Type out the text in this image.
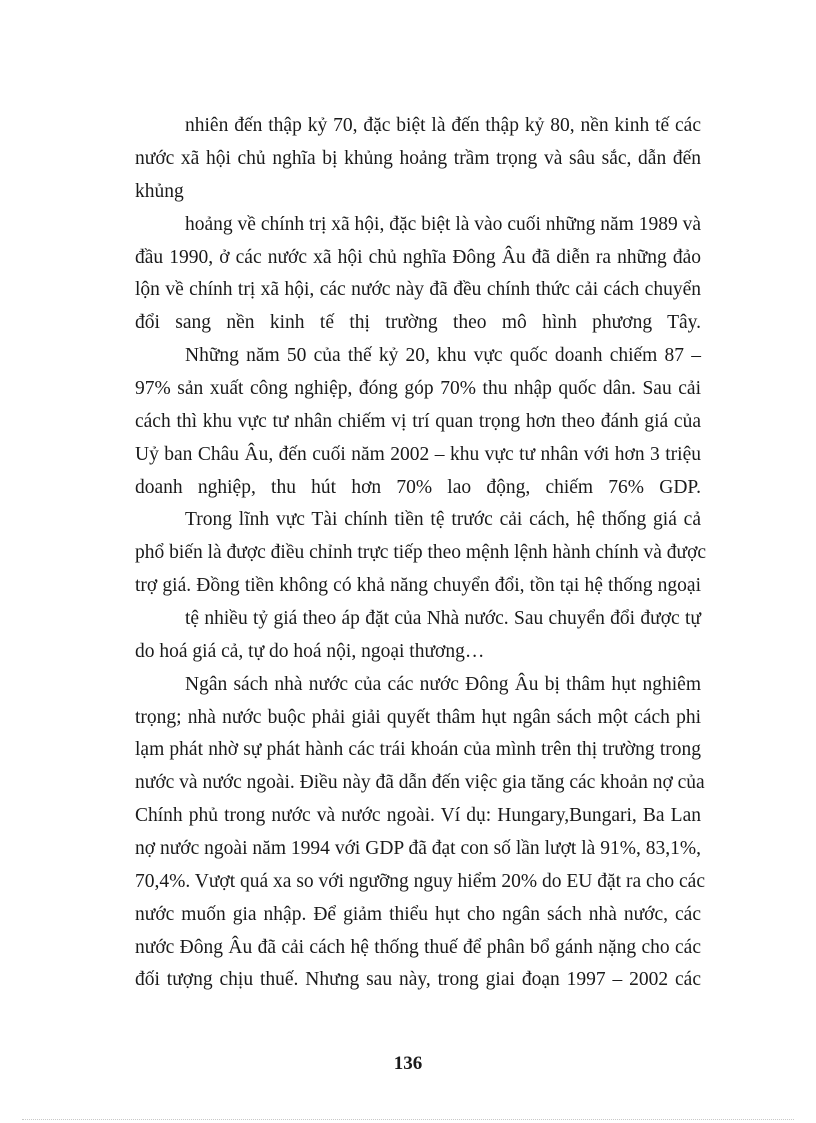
nhiên đến thập kỷ 70, đặc biệt là đến thập kỷ 80, nền kinh tế các
nước xã hội chủ nghĩa bị khủng hoảng trầm trọng và sâu sắc, dẫn đến
khủng
hoảng về chính trị xã hội, đặc biệt là vào cuối những năm 1989 và
đầu 1990, ở các nước xã hội chủ nghĩa Đông Âu đã diễn ra những đảo
lộn về chính trị xã hội, các nước này đã đều chính thức cải cách chuyển
đổi sang nền kinh tế thị trường theo mô hình phương Tây.
Những năm 50 của thế kỷ 20, khu vực quốc doanh chiếm 87 –
97% sản xuất công nghiệp, đóng góp 70% thu nhập quốc dân. Sau cải
cách thì khu vực tư nhân chiếm vị trí quan trọng hơn theo đánh giá của
Uỷ ban Châu Âu, đến cuối năm 2002 – khu vực tư nhân với hơn 3 triệu
doanh nghiệp, thu hút hơn 70% lao động, chiếm 76% GDP.
Trong lĩnh vực Tài chính tiền tệ trước cải cách, hệ thống giá cả
phổ biến là được điều chỉnh trực tiếp theo mệnh lệnh hành chính và được
trợ giá. Đồng tiền không có khả năng chuyển đổi, tồn tại hệ thống ngoại
tệ nhiều tỷ giá theo áp đặt của Nhà nước. Sau chuyển đổi được tự
do hoá giá cả, tự do hoá nội, ngoại thương…
Ngân sách nhà nước của các nước Đông Âu bị thâm hụt nghiêm
trọng; nhà nước buộc phải giải quyết thâm hụt ngân sách một cách phi
lạm phát nhờ sự phát hành các trái khoán của mình trên thị trường trong
nước và nước ngoài. Điều này đã dẫn đến việc gia tăng các khoản nợ của
Chính phủ trong nước và nước ngoài. Ví dụ: Hungary,Bungari, Ba Lan
nợ nước ngoài năm 1994 với GDP đã đạt con số lần lượt là 91%, 83,1%,
70,4%. Vượt quá xa so với ngưỡng nguy hiểm 20% do EU đặt ra cho các
nước muốn gia nhập. Để giảm thiểu hụt cho ngân sách nhà nước, các
nước Đông Âu đã cải cách hệ thống thuế để phân bổ gánh nặng cho các
đối tượng chịu thuế. Nhưng sau này, trong giai đoạn 1997 – 2002 các
136
